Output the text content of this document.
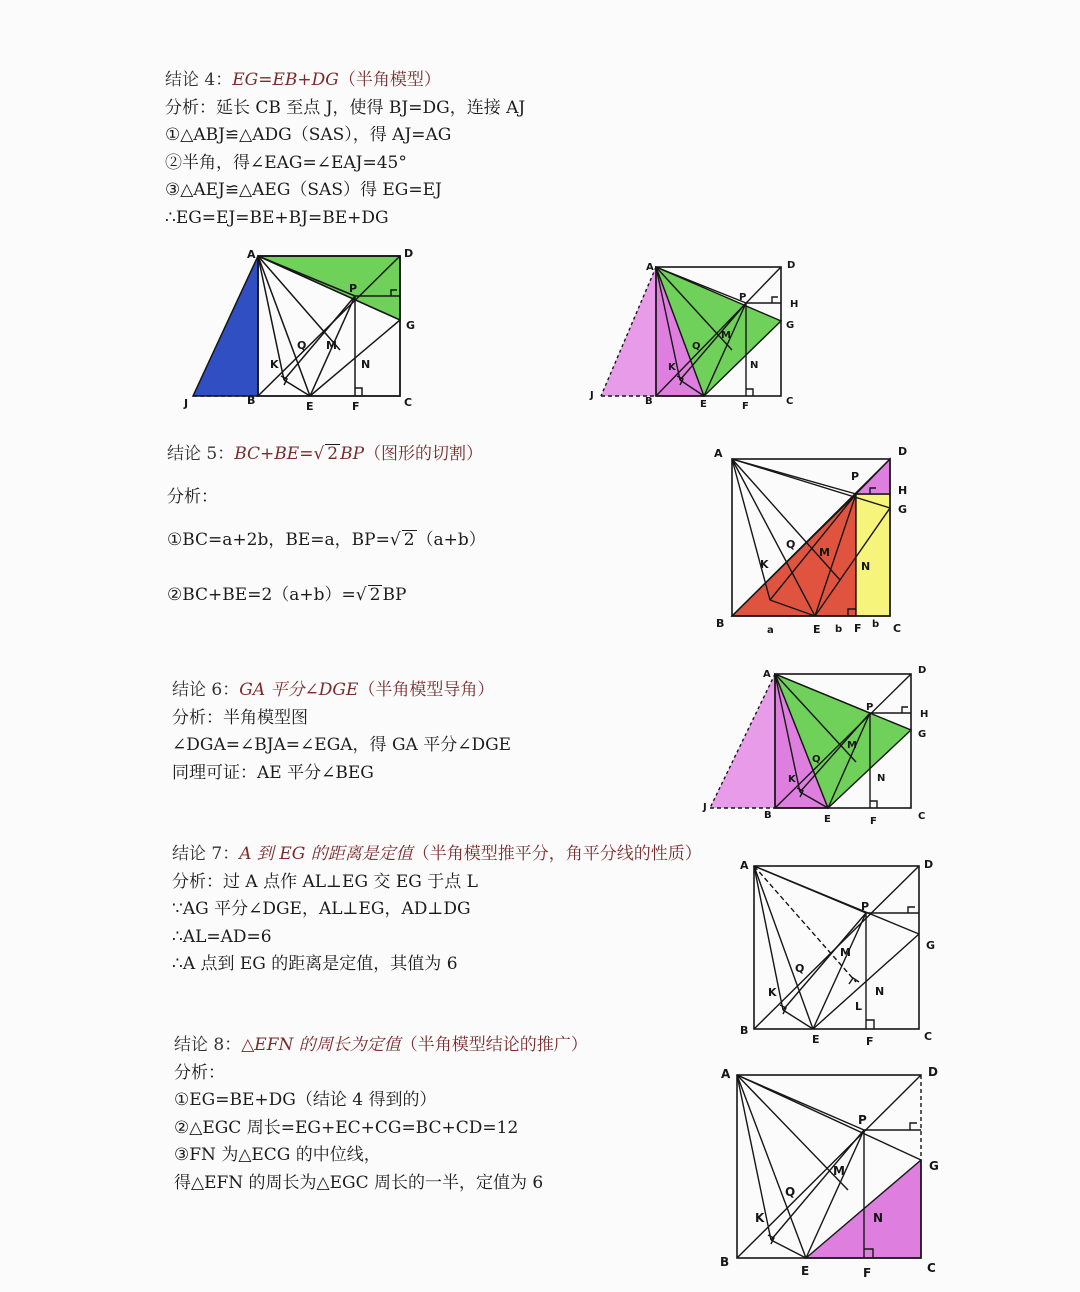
结论 4：EG=EB+DG（半角模型）
分析：延长 CB 至点 J，使得 BJ=DG，连接 AJ
①△ABJ≌△ADG（SAS），得 AJ=AG
②半角，得∠EAG=∠EAJ=45°
③△AEJ≌△AEG（SAS）得 EG=EJ
∴EG=EJ=BE+BJ=BE+DG
A	D
G
C
F
E
B
J
K
Q M
N
P
A	D
H
G
C
F
E
B
J
K
Q
M
N
P
结论 5：BC+BE=√ 2 BP（图形的切割）
分析：
①BC=a+2b，BE=a，BP=√ 2 （a+b）
②BC+BE=2（a+b）=√ 2 BP
A	D
H
G
C
F
E
B
K
Q
M
N
P
a	b	b
结论 6：GA 平分∠DGE（半角模型导角）
分析：半角模型图
∠DGA=∠BJA=∠EGA，得 GA 平分∠DGE
同理可证：AE 平分∠BEG
A	D
H
G
C
F
E
B
J
K
Q
M
N
P
结论 7：A 到 EG 的距离是定值（半角模型推平分，角平分线的性质）
分析：过 A 点作 AL⊥EG 交 EG 于点 L
∵AG 平分∠DGE，AL⊥EG，AD⊥DG
∴AL=AD=6
∴A 点到 EG 的距离是定值，其值为 6
A	D
G
C
F
E
B
K
Q
M
N
L
P
结论 8：△EFN 的周长为定值（半角模型结论的推广）
分析：
①EG=BE+DG（结论 4 得到的）
②△EGC 周长=EG+EC+CG=BC+CD=12
③FN 为△ECG 的中位线，
得△EFN 的周长为△EGC 周长的一半，定值为 6
A	D
G
C
F
E
B
K
Q
M
N
P
